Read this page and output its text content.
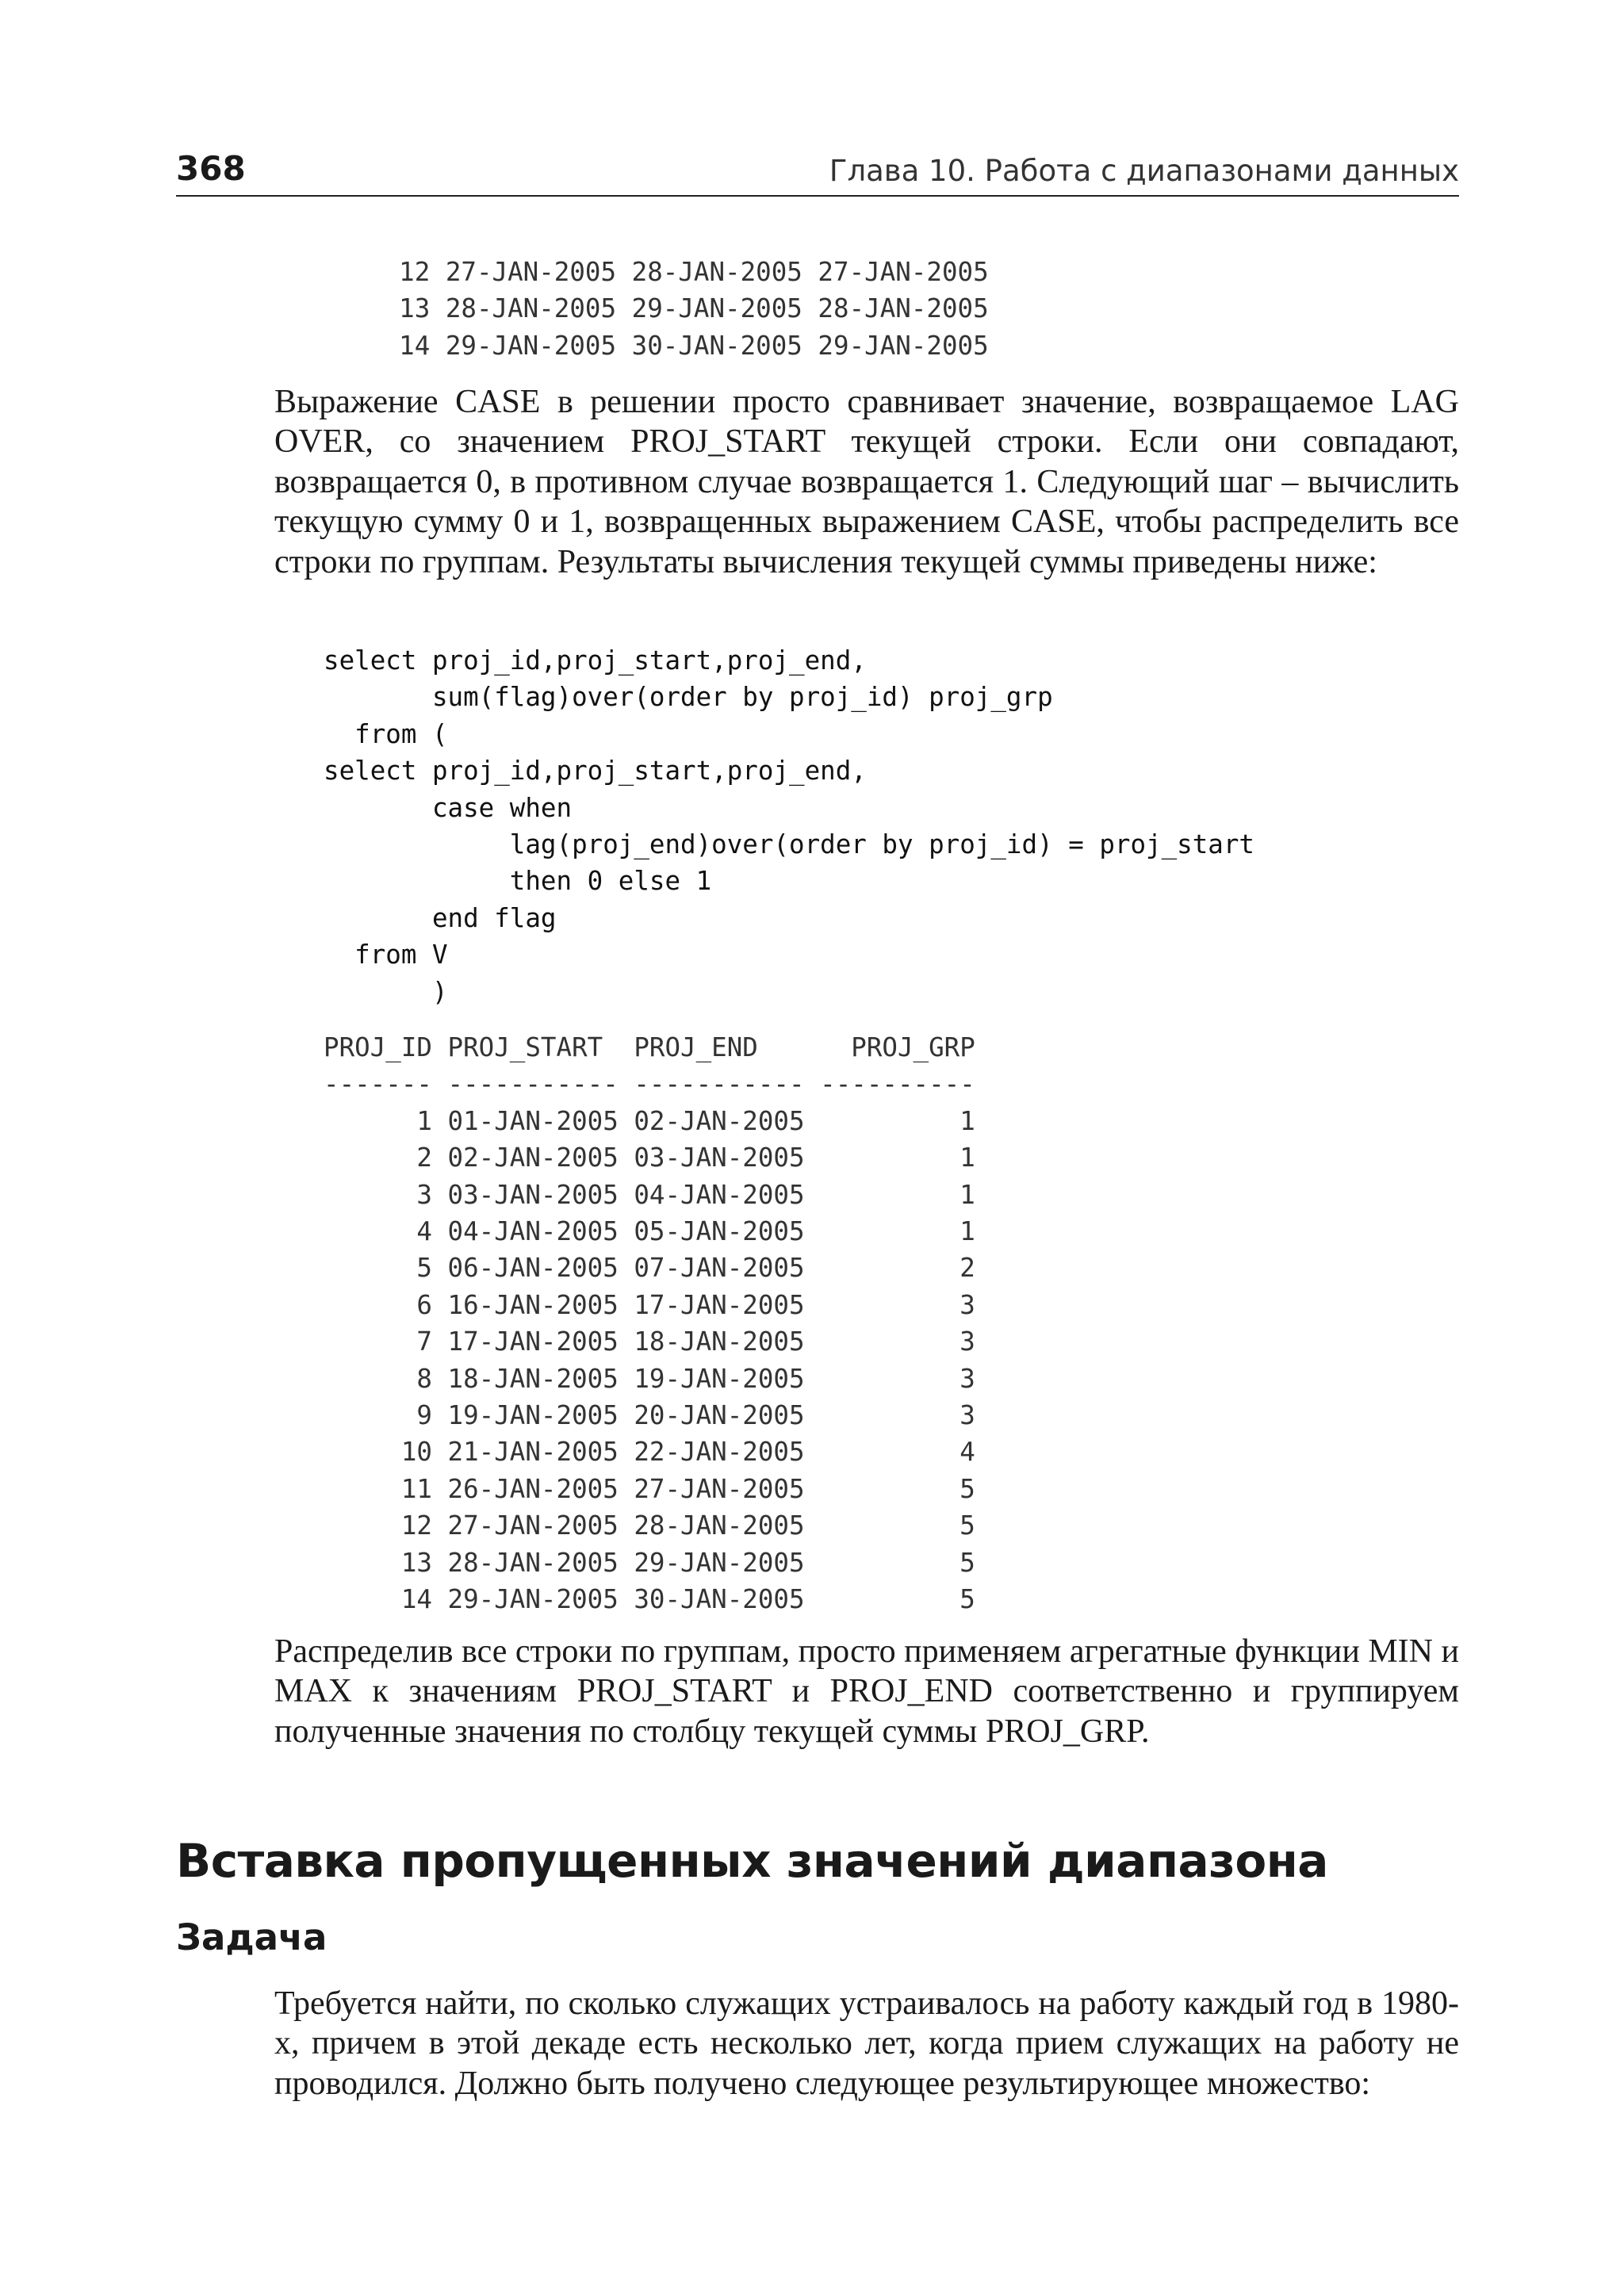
368	Глава 10. Работа с диапазонами данных
12 27-JAN-2005 28-JAN-2005 27-JAN-2005
13 28-JAN-2005 29-JAN-2005 28-JAN-2005
14 29-JAN-2005 30-JAN-2005 29-JAN-2005

Выражение CASE в решении просто сравнивает значение, возвращаемое LAG OVER, со значением PROJ_START текущей строки. Если они совпадают, возвращается 0, в противном случае возвращается 1. Следующий шаг – вычислить текущую сумму 0 и 1, возвращенных выражением CASE, чтобы распределить все строки по группам. Результаты вычисления текущей суммы приведены ниже:

select proj_id,proj_start,proj_end,
sum(flag)over(order by proj_id) proj_grp
from (
select proj_id,proj_start,proj_end,
case when
lag(proj_end)over(order by proj_id) = proj_start
then 0 else 1
end flag
from V
)
PROJ_ID PROJ_START  PROJ_END      PROJ_GRP
------- ----------- ----------- ----------
1 01-JAN-2005 02-JAN-2005          1
2 02-JAN-2005 03-JAN-2005          1
3 03-JAN-2005 04-JAN-2005          1
4 04-JAN-2005 05-JAN-2005          1
5 06-JAN-2005 07-JAN-2005          2
6 16-JAN-2005 17-JAN-2005          3
7 17-JAN-2005 18-JAN-2005          3
8 18-JAN-2005 19-JAN-2005          3
9 19-JAN-2005 20-JAN-2005          3
10 21-JAN-2005 22-JAN-2005          4
11 26-JAN-2005 27-JAN-2005          5
12 27-JAN-2005 28-JAN-2005          5
13 28-JAN-2005 29-JAN-2005          5
14 29-JAN-2005 30-JAN-2005          5

Распределив все строки по группам, просто применяем агрегатные функции MIN и MAX к значениям PROJ_START и PROJ_END соответственно и группируем полученные значения по столбцу текущей суммы PROJ_GRP.

Вставка пропущенных значений диапазона
Задача

Требуется найти, по сколько служащих устраивалось на работу каждый год в 1980-х, причем в этой декаде есть несколько лет, когда прием служащих на работу не проводился. Должно быть получено следующее результирующее множество:
